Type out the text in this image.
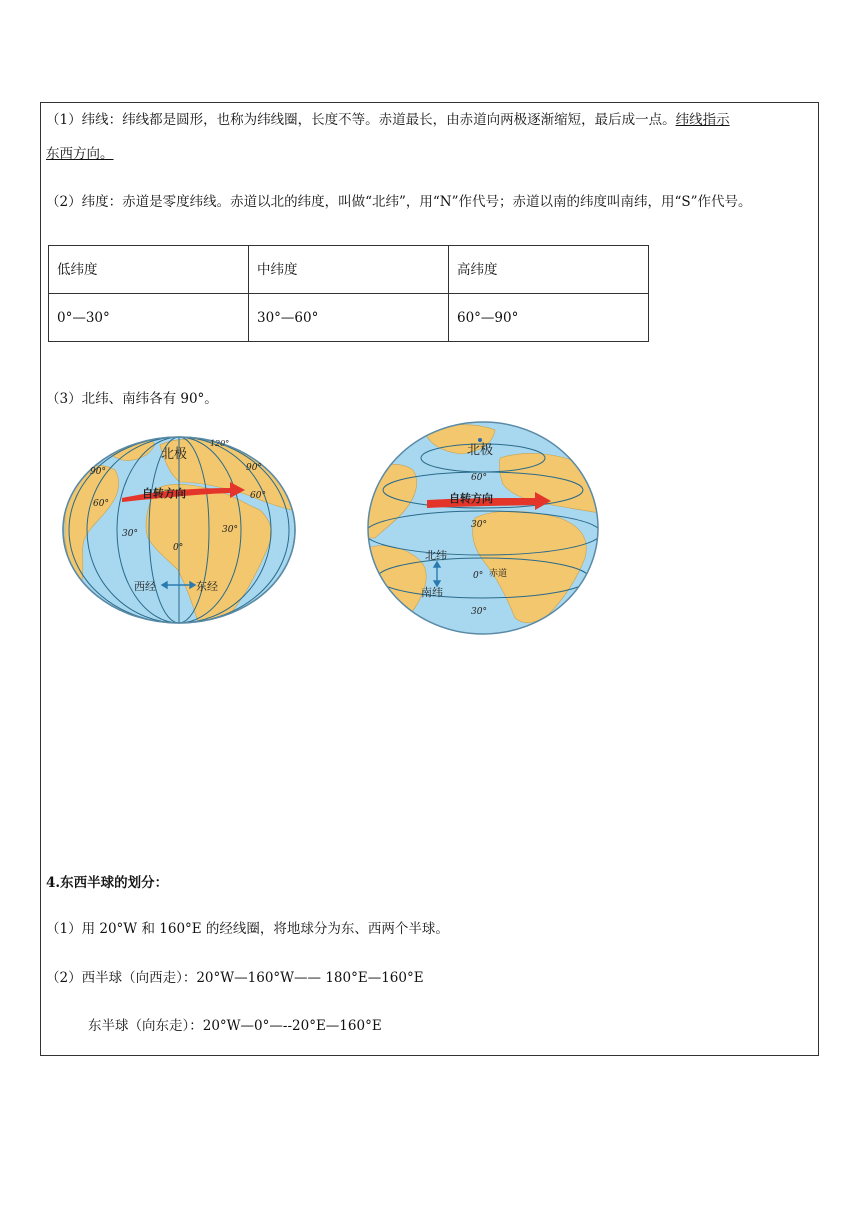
（1）纬线：纬线都是圆形，也称为纬线圈，长度不等。赤道最长，由赤道向两极逐渐缩短，最后成一点。纬线指示
东西方向。
（2）纬度：赤道是零度纬线。赤道以北的纬度，叫做“北纬”，用“N”作代号；赤道以南的纬度叫南纬，用“S”作代号。
低纬度	中纬度	高纬度
0°—30°	30°—60°	60°—90°
（3）北纬、南纬各有 90°。
北极
自转方向
西经	东经
90°
60°
30°
0°
90°
60°
30°
120°	北极
自转方向
北纬
南纬
赤道
60°
30°
0°
30°
4.东西半球的划分：
（1）用 20°W 和 160°E 的经线圈，将地球分为东、西两个半球。
（2）西半球（向西走）：20°W—160°W—— 180°E—160°E
东半球（向东走）：20°W—0°—--20°E—160°E
